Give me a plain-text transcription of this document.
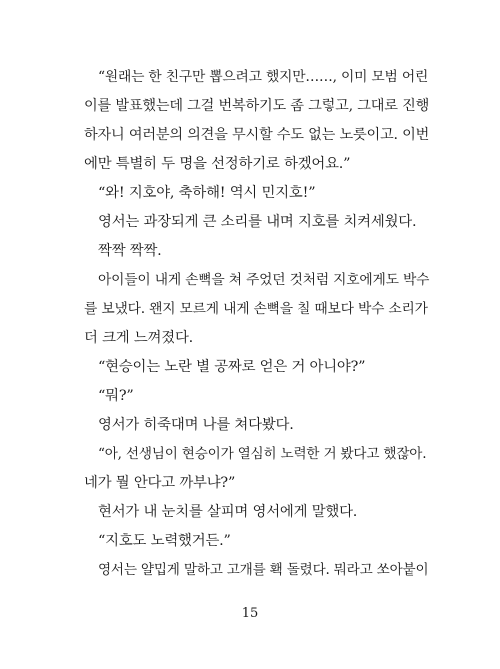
“원래는 한 친구만 뽑으려고 했지만……, 이미 모범 어린
이를 발표했는데 그걸 번복하기도 좀 그렇고, 그대로 진행
하자니 여러분의 의견을 무시할 수도 없는 노릇이고. 이번
에만 특별히 두 명을 선정하기로 하겠어요.”
“와! 지호야, 축하해! 역시 민지호!”
영서는 과장되게 큰 소리를 내며 지호를 치켜세웠다.
짝짝 짝짝.
아이들이 내게 손뼉을 쳐 주었던 것처럼 지호에게도 박수
를 보냈다. 왠지 모르게 내게 손뼉을 칠 때보다 박수 소리가
더 크게 느껴졌다.
“현승이는 노란 별 공짜로 얻은 거 아니야?”
“뭐?”
영서가 히죽대며 나를 쳐다봤다.
“아, 선생님이 현승이가 열심히 노력한 거 봤다고 했잖아.
네가 뭘 안다고 까부냐?”
현서가 내 눈치를 살피며 영서에게 말했다.
“지호도 노력했거든.”
영서는 얄밉게 말하고 고개를 홱 돌렸다. 뭐라고 쏘아붙이
15
